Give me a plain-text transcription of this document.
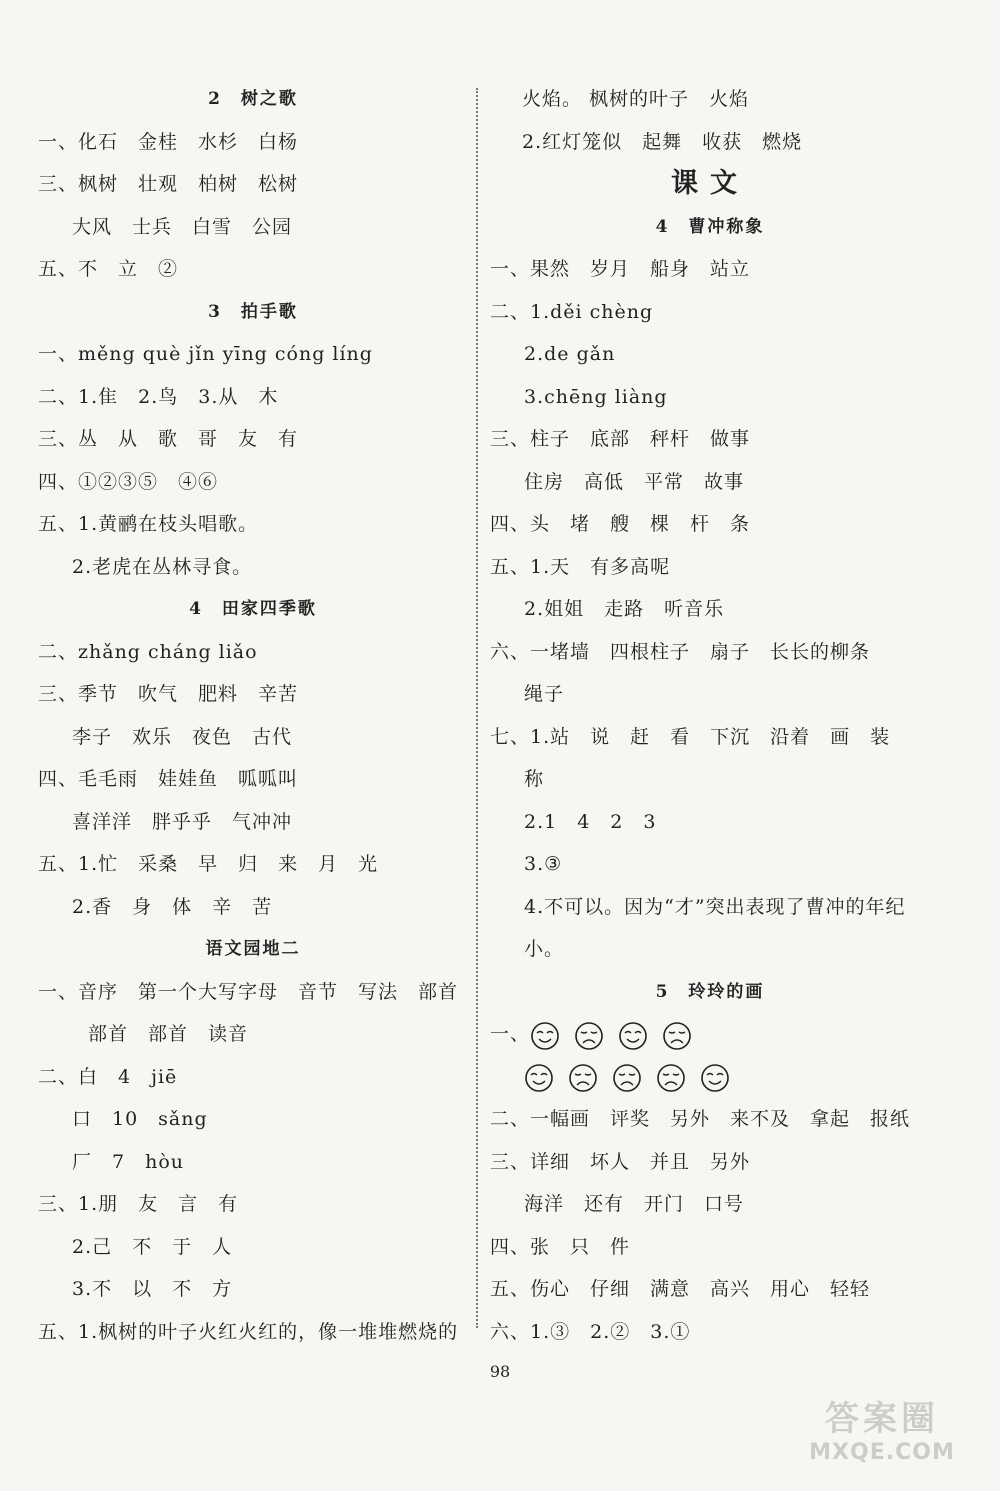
2　 树之歌
一、化石　金桂　水杉　白杨
三、枫树　壮观　柏树　松树
大风　士兵　白雪　公园
五、不　立　②
3　 拍手歌
一、měng què jǐn yīng cóng líng
二、1.隹　2.鸟　3.从　木
三、丛　从　歌　哥　友　有
四、①②③⑤　④⑥
五、1.黄鹂在枝头唱歌。
2.老虎在丛林寻食。
4　 田家四季歌
二、zhǎng cháng liǎo
三、季节　吹气　肥料　辛苦
李子　欢乐　夜色　古代
四、毛毛雨　娃娃鱼　呱呱叫
喜洋洋　胖乎乎　气冲冲
五、1.忙　采桑　早　归　来　月　光
2.香　身　体　辛　苦
语文园地二
一、音序　第一个大写字母　音节　写法　部首
部首　部首　读音
二、白　4　jiē
口　10　sǎng
厂　7　hòu
三、1.朋　友　言　有
2.己　不　于　人
3.不　以　不　方
五、1.枫树的叶子火红火红的，像一堆堆燃烧的
火焰。 枫树的叶子　火焰
2.红灯笼似　起舞　收获　燃烧
课文
4　 曹冲称象
一、果然　岁月　船身　站立
二、1.děi chèng
2.de gǎn
3.chēng liàng
三、柱子　底部　秤杆　做事
住房　高低　平常　故事
四、头　堵　艘　棵　杆　条
五、1.天　有多高呢
2.姐姐　走路　听音乐
六、一堵墙　四根柱子　扇子　长长的柳条
绳子
七、1.站　说　赶　看　下沉　沿着　画　装
称
2.1　4　2　3
3.③
4.不可以。因为“才”突出表现了曹冲的年纪
小。
5　 玲玲的画
一、
二、一幅画　评奖　另外　来不及　拿起　报纸
三、详细　坏人　并且　另外
海洋　还有　开门　口号
四、张　只　件
五、伤心　仔细　满意　高兴　用心　轻轻
六、1.③　2.②　3.①
98
答案圈
MXQE.COM
